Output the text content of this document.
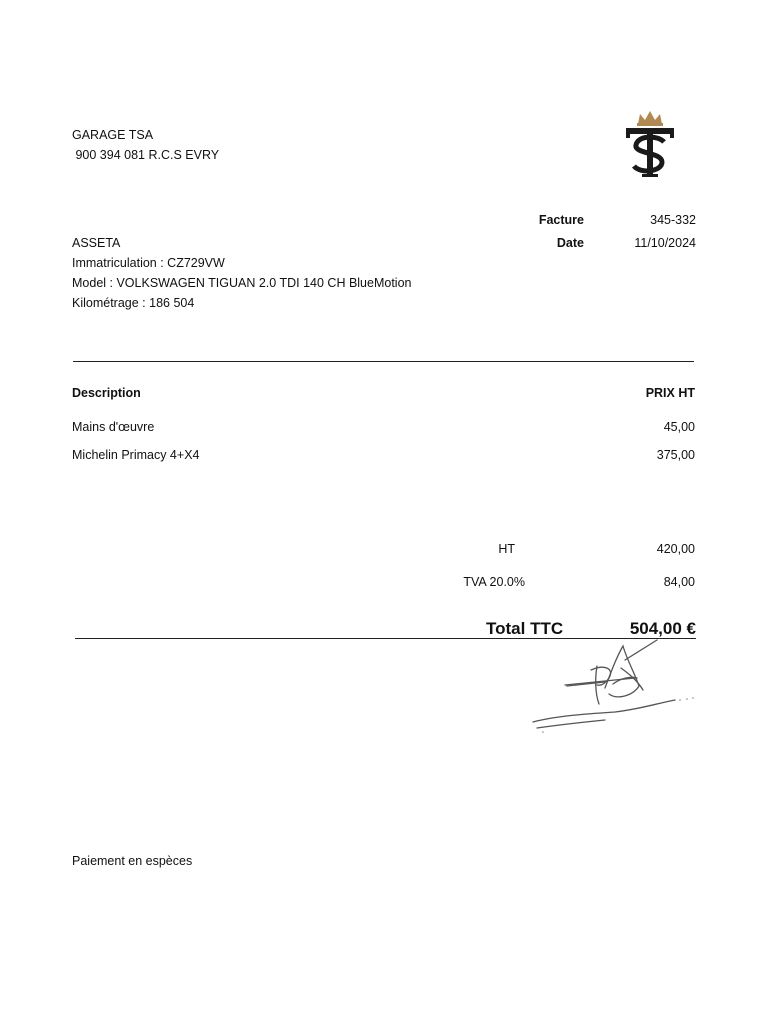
GARAGE TSA
900 394 081 R.C.S EVRY
Facture	345-332
Date	11/10/2024
ASSETA
Immatriculation : CZ729VW
Model : VOLKSWAGEN TIGUAN 2.0 TDI 140 CH BlueMotion
Kilométrage : 186 504
Description	PRIX HT
Mains d'œuvre	45,00
Michelin Primacy 4+X4	375,00
HT	420,00
TVA 20.0%	84,00
Total TTC	504,00 €
Paiement en espèces
